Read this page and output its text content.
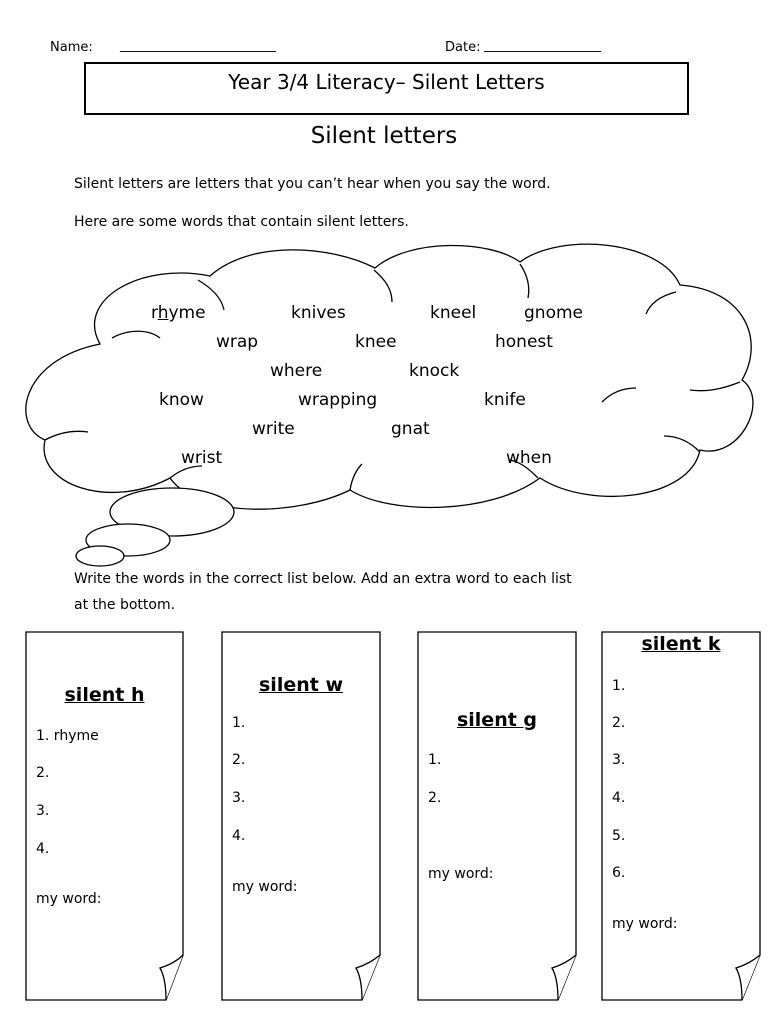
Name: ________________________	Date: __________________
Year 3/4 Literacy– Silent Letters
Silent letters
Silent letters are letters that you can’t hear when you say the word.
Here are some words that contain silent letters.
rhyme	knives	kneel	gnome
wrap	knee	honest
where	knock
know	wrapping	knife
write	gnat
wrist	when
Write the words in the correct list below. Add an extra word to each list
at the bottom.
silent h
1. rhyme
2.
3.
4.
my word:
silent w
1.
2.
3.
4.
my word:
silent g
1.
2.
my word:
silent k
1.
2.
3.
4.
5.
6.
my word:
